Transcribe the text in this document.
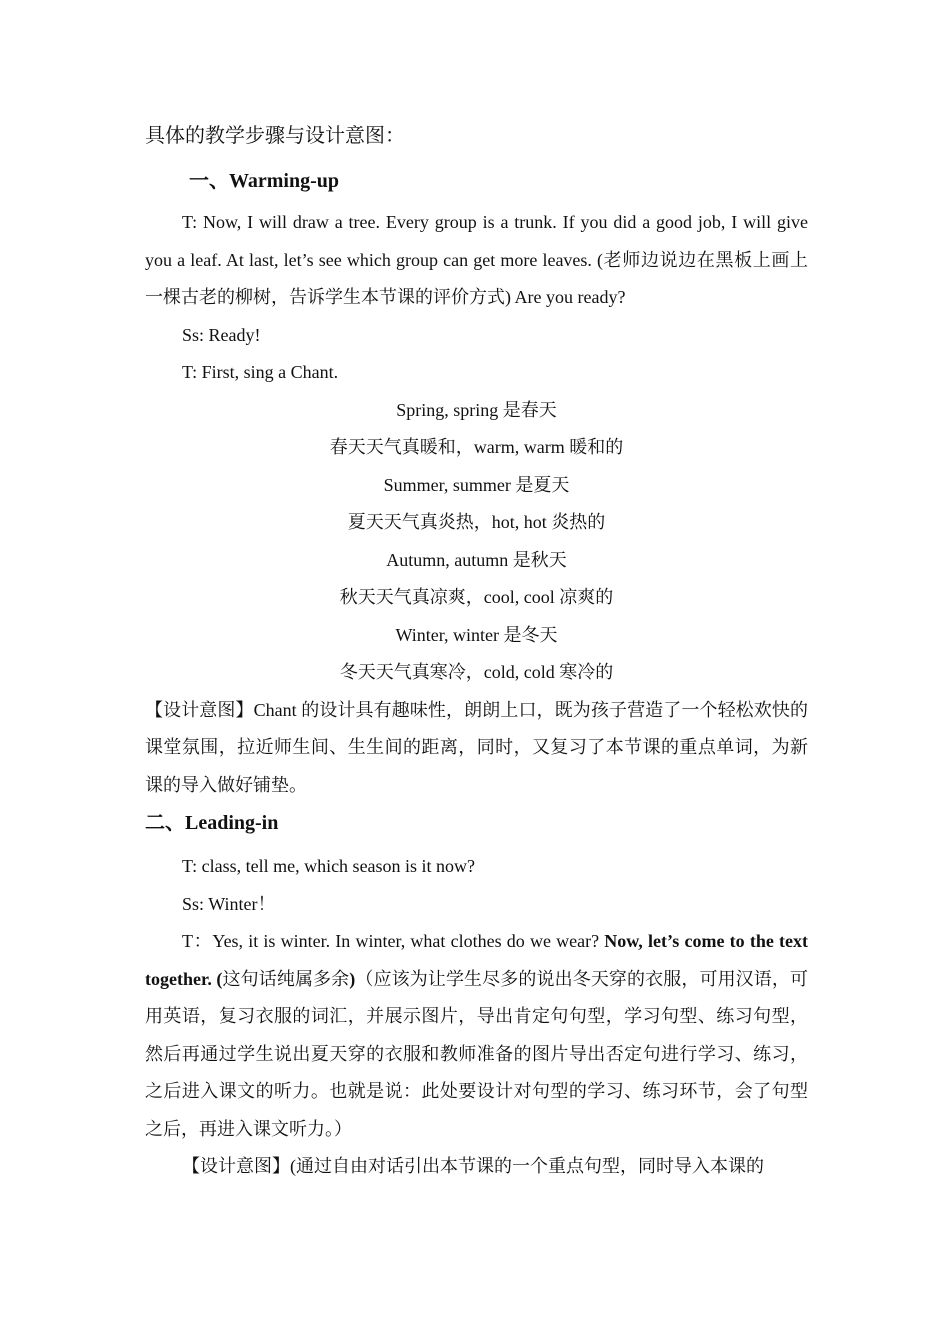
具体的教学步骤与设计意图：

一、Warming-up

T: Now, I will draw a tree. Every group is a trunk. If you did a good job, I will give you a leaf. At last, let’s see which group can get more leaves. (老师边说边在黑板上画上一棵古老的柳树，告诉学生本节课的评价方式) Are you ready?

Ss: Ready!

T: First, sing a Chant.

Spring, spring 是春天

春天天气真暖和，warm, warm 暖和的

Summer, summer 是夏天

夏天天气真炎热，hot, hot 炎热的

Autumn, autumn 是秋天

秋天天气真凉爽，cool, cool 凉爽的

Winter, winter 是冬天

冬天天气真寒冷，cold, cold 寒冷的

【设计意图】Chant 的设计具有趣味性，朗朗上口，既为孩子营造了一个轻松欢快的课堂氛围，拉近师生间、生生间的距离，同时，又复习了本节课的重点单词，为新课的导入做好铺垫。

二、Leading-in

T: class, tell me, which season is it now?

Ss: Winter！

T：Yes, it is winter. In winter, what clothes do we wear? Now, let’s come to the text together. (这句话纯属多余)（应该为让学生尽多的说出冬天穿的衣服，可用汉语，可用英语，复习衣服的词汇，并展示图片，导出肯定句句型，学习句型、练习句型，然后再通过学生说出夏天穿的衣服和教师准备的图片导出否定句进行学习、练习，之后进入课文的听力。也就是说：此处要设计对句型的学习、练习环节，会了句型之后，再进入课文听力。）

【设计意图】(通过自由对话引出本节课的一个重点句型，同时导入本课的
